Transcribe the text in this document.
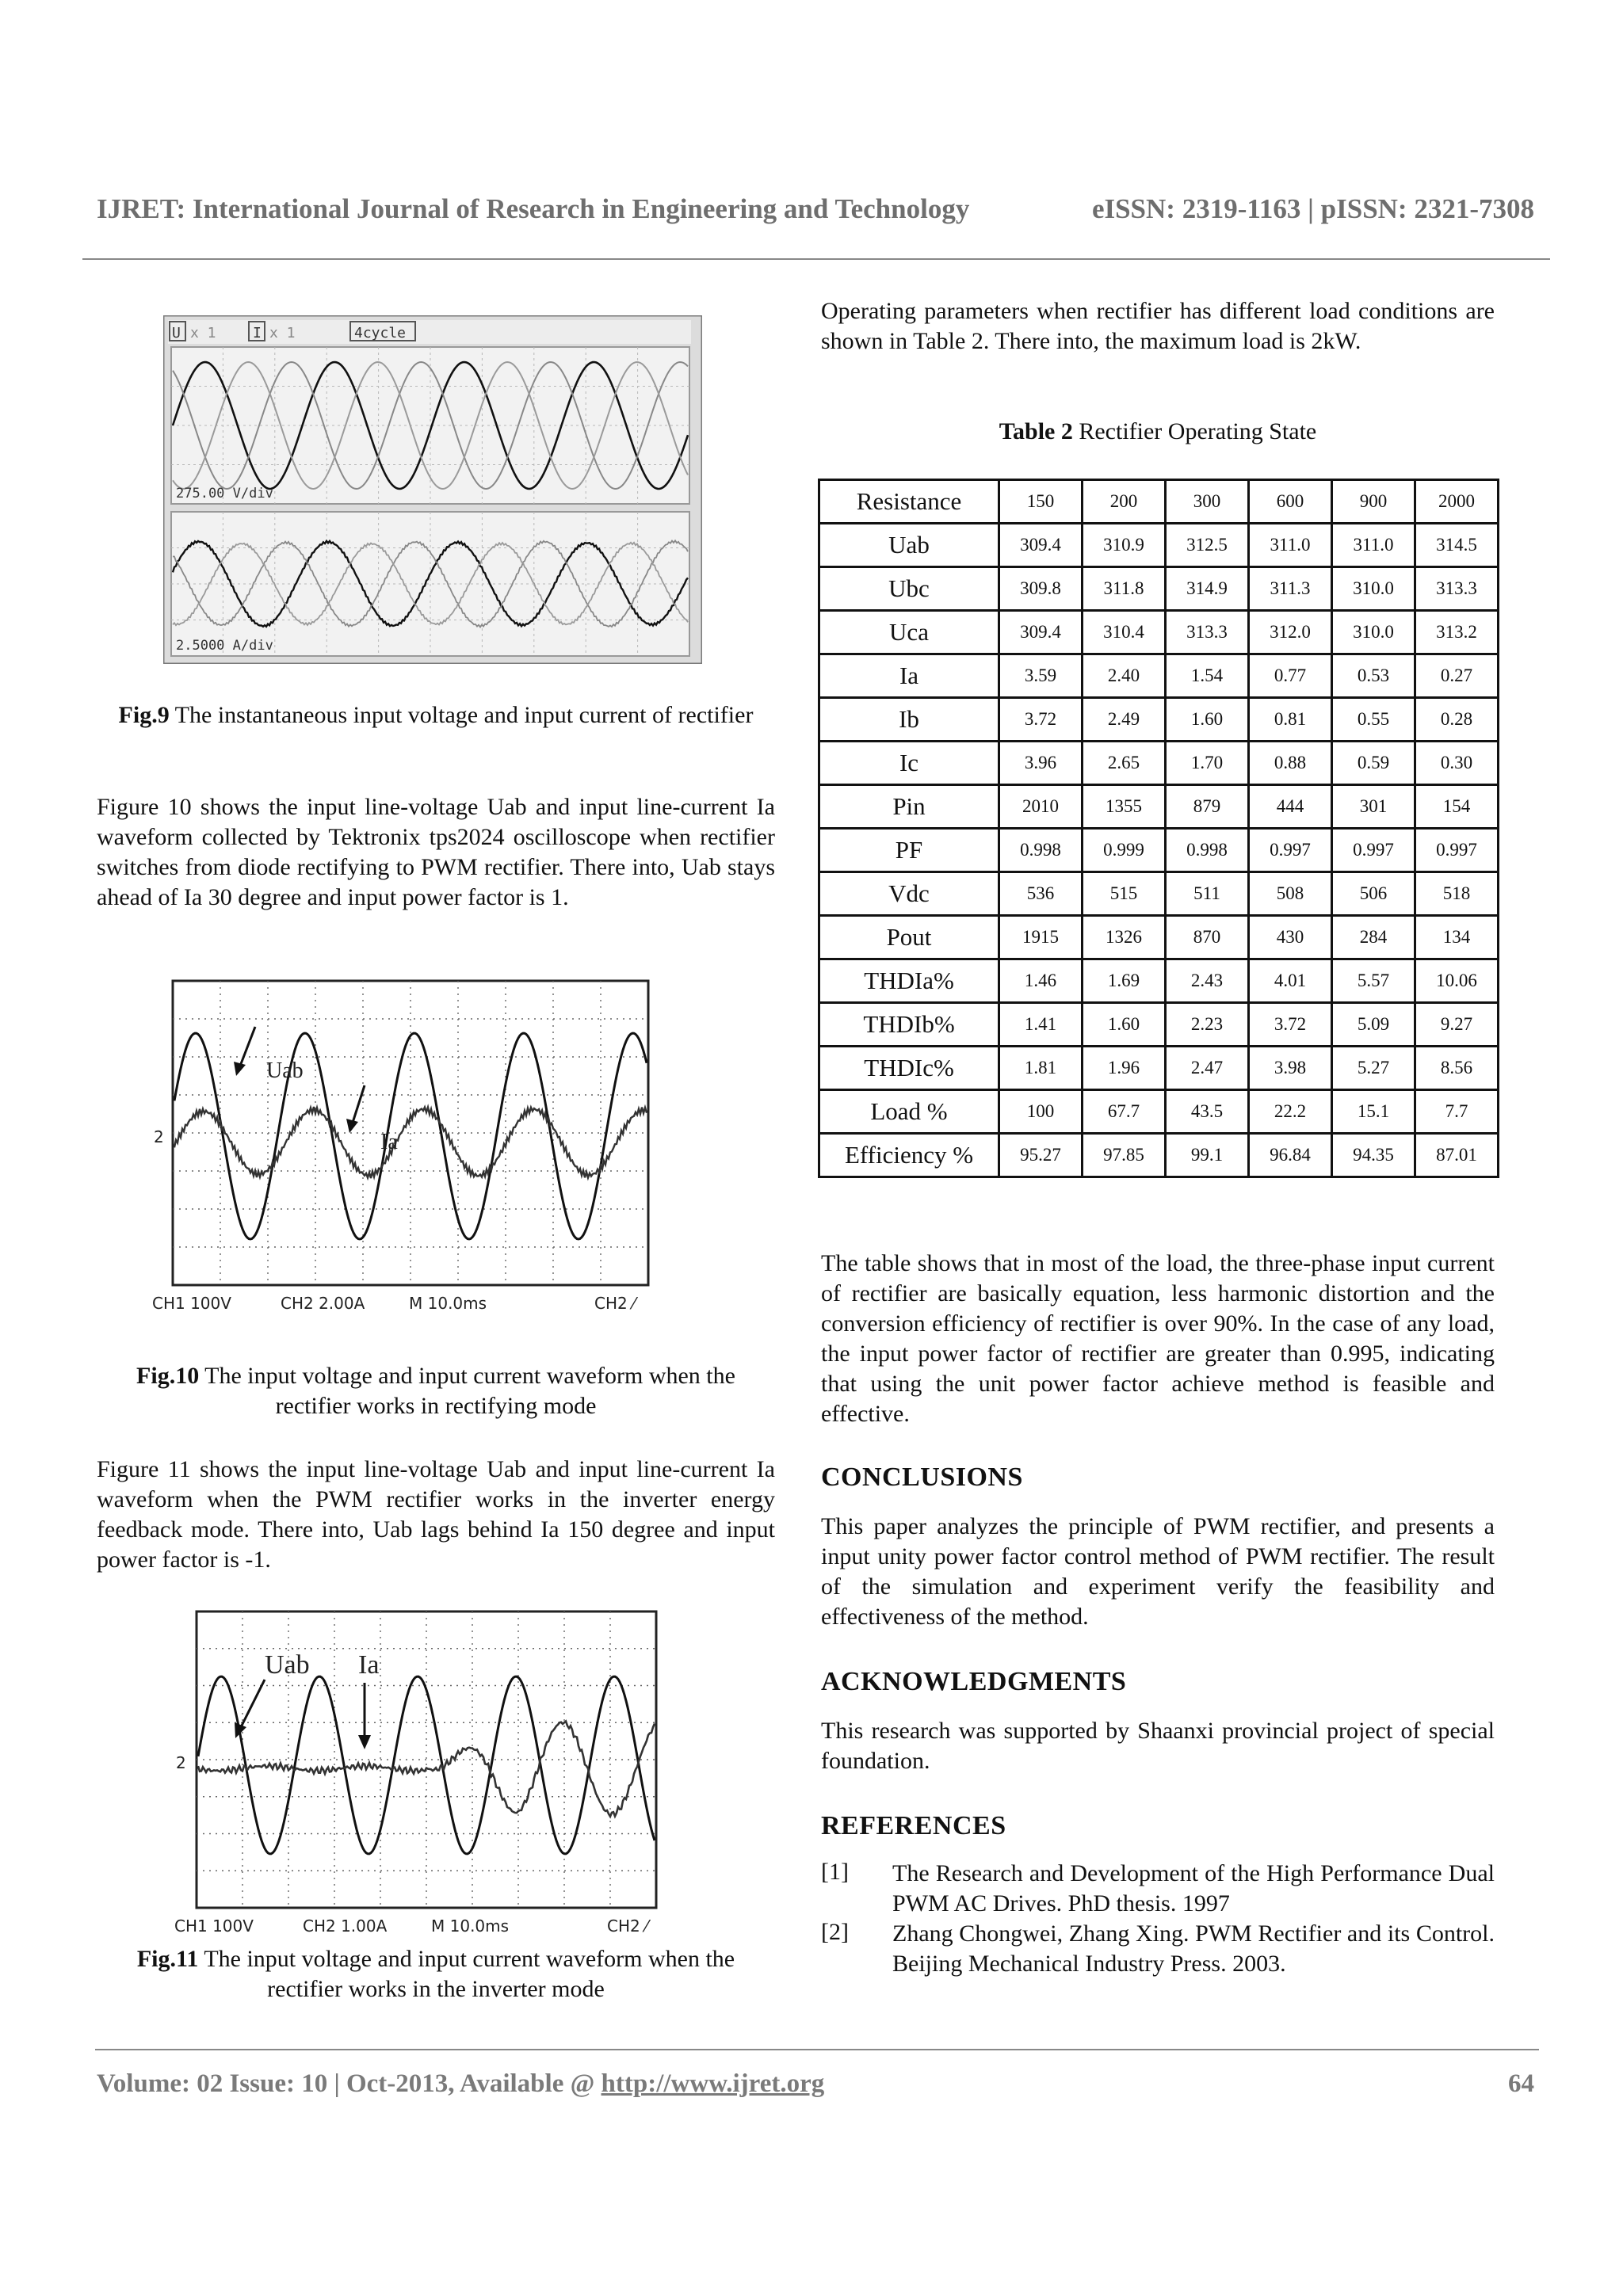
IJRET: International Journal of Research in Engineering and Technology	eISSN: 2319-1163 | pISSN: 2321-7308
U x 1	I x 1	4cycle
275.00 V/div
2.5000 A/div
Fig.9 The instantaneous input voltage and input current of rectifier
Figure 10 shows the input line-voltage Uab and input line-current Ia waveform collected by Tektronix tps2024 oscilloscope when rectifier switches from diode rectifying to PWM rectifier. There into, Uab stays ahead of Ia 30 degree and input power factor is 1.
2
Uab
Ia
CH1 100V	CH2 2.00A	M 10.0ms	CH2 ⁄
Fig.10 The input voltage and input current waveform when the rectifier works in rectifying mode
Figure 11 shows the input line-voltage Uab and input line-current Ia waveform when the PWM rectifier works in the inverter energy feedback mode. There into, Uab lags behind Ia 150 degree and input power factor is -1.
2
Uab Ia
CH1 100V	CH2 1.00A	M 10.0ms	CH2 ⁄
Fig.11 The input voltage and input current waveform when the rectifier works in the inverter mode
Operating parameters when rectifier has different load conditions are shown in Table 2. There into, the maximum load is 2kW.
Table 2 Rectifier Operating State
Resistance	150	200	300	600	900	2000
Uab	309.4	310.9	312.5	311.0	311.0	314.5
Ubc	309.8	311.8	314.9	311.3	310.0	313.3
Uca	309.4	310.4	313.3	312.0	310.0	313.2
Ia	3.59	2.40	1.54	0.77	0.53	0.27
Ib	3.72	2.49	1.60	0.81	0.55	0.28
Ic	3.96	2.65	1.70	0.88	0.59	0.30
Pin	2010	1355	879	444	301	154
PF	0.998	0.999	0.998	0.997	0.997	0.997
Vdc	536	515	511	508	506	518
Pout	1915	1326	870	430	284	134
THDIa%	1.46	1.69	2.43	4.01	5.57	10.06
THDIb%	1.41	1.60	2.23	3.72	5.09	9.27
THDIc%	1.81	1.96	2.47	3.98	5.27	8.56
Load %	100	67.7	43.5	22.2	15.1	7.7
Efficiency %	95.27	97.85	99.1	96.84	94.35	87.01
The table shows that in most of the load, the three-phase input current of rectifier are basically equation, less harmonic distortion and the conversion efficiency of rectifier is over 90%. In the case of any load, the input power factor of rectifier are greater than 0.995, indicating that using the unit power factor achieve method is feasible and effective.
CONCLUSIONS
This paper analyzes the principle of PWM rectifier, and presents a input unity power factor control method of PWM rectifier. The result of the simulation and experiment verify the feasibility and effectiveness of the method.
ACKNOWLEDGMENTS
This research was supported by Shaanxi provincial project of special foundation.
REFERENCES
[1] The Research and Development of the High Performance Dual PWM AC Drives. PhD thesis. 1997
[2] Zhang Chongwei, Zhang Xing. PWM Rectifier and its Control. Beijing Mechanical Industry Press. 2003.
Volume: 02 Issue: 10 | Oct-2013, Available @ http://www.ijret.org	64
